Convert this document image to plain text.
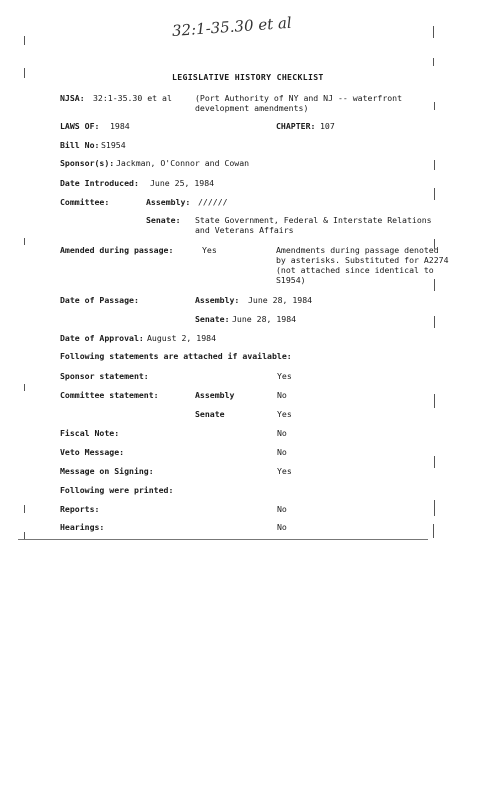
32:1-35.30 et al
LEGISLATIVE HISTORY CHECKLIST
NJSA: 32:1-35.30 et al	(Port Authority of NY and NJ -- waterfront
development amendments)
LAWS OF: 1984	CHAPTER: 107
Bill No: S1954
Sponsor(s): Jackman, O'Connor and Cowan
Date Introduced: June 25, 1984
Committee:	Assembly: //////
Senate: State Government, Federal & Interstate Relations
and Veterans Affairs
Amended during passage:	Yes	Amendments during passage denoted
by asterisks. Substituted for A2274
(not attached since identical to
S1954)
Date of Passage:	Assembly: June 28, 1984
Senate: June 28, 1984
Date of Approval: August 2, 1984
Following statements are attached if available:
Sponsor statement:	Yes
Committee statement:	Assembly	No
Senate	Yes
Fiscal Note:	No
Veto Message:	No
Message on Signing:	Yes
Following were printed:
Reports:	No
Hearings:	No
